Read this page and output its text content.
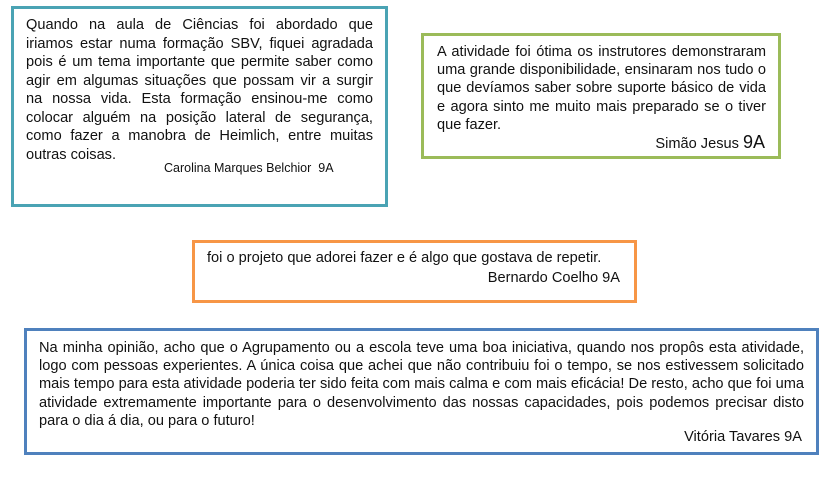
Quando na aula de Ciências foi abordado que iriamos estar numa formação SBV, fiquei agradada pois é um tema importante que permite saber como agir em algumas situações que possam vir a surgir na nossa vida. Esta formação ensinou-me como colocar alguém na posição lateral de segurança, como fazer a manobra de Heimlich, entre muitas outras coisas.

Carolina Marques Belchior 9A

A atividade foi ótima os instrutores demonstraram uma grande disponibilidade, ensinaram nos tudo o que devíamos saber sobre suporte básico de vida e agora sinto me muito mais preparado se o tiver que fazer.

Simão Jesus 9A

foi o projeto que adorei fazer e é algo que gostava de repetir.

Bernardo Coelho 9A

Na minha opinião, acho que o Agrupamento ou a escola teve uma boa iniciativa, quando nos propôs esta atividade, logo com pessoas experientes. A única coisa que achei que não contribuiu foi o tempo, se nos estivessem solicitado mais tempo para esta atividade poderia ter sido feita com mais calma e com mais eficácia! De resto, acho que foi uma atividade extremamente importante para o desenvolvimento das nossas capacidades, pois podemos precisar disto para o dia á dia, ou para o futuro!

Vitória Tavares 9A
